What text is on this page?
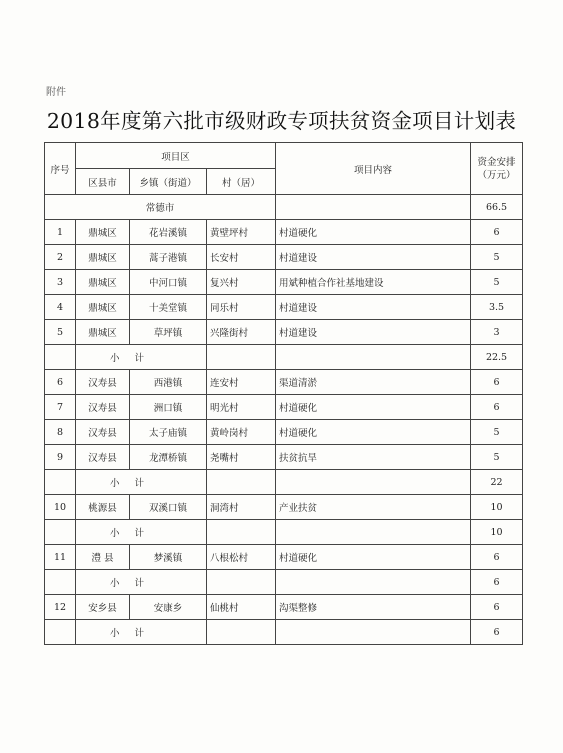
附件
2018年度第六批市级财政专项扶贫资金项目计划表
序号	项目区			项目内容	资金安排
（万元）
	区县市	乡镇（街道）	村（居）		
常德市					66.5
1	鼎城区	花岩溪镇	黄壁坪村	村道硬化	6
2	鼎城区	蒿子港镇	长安村	村道建设	5
3	鼎城区	中河口镇	复兴村	用斌种植合作社基地建设	5
4	鼎城区	十美堂镇	同乐村	村道建设	3.5
5	鼎城区	草坪镇	兴隆街村	村道建设	3
	小 计				22.5
6	汉寿县	西港镇	连安村	渠道清淤	6
7	汉寿县	洲口镇	明光村	村道硬化	6
8	汉寿县	太子庙镇	黄岭岗村	村道硬化	5
9	汉寿县	龙潭桥镇	尧嘴村	扶贫抗旱	5
	小 计				22
10	桃源县	双溪口镇	洞湾村	产业扶贫	10
	小 计				10
11	澧 县	梦溪镇	八根松村	村道硬化	6
	小 计				6
12	安乡县	安康乡	仙桃村	沟渠整修	6
	小 计				6
